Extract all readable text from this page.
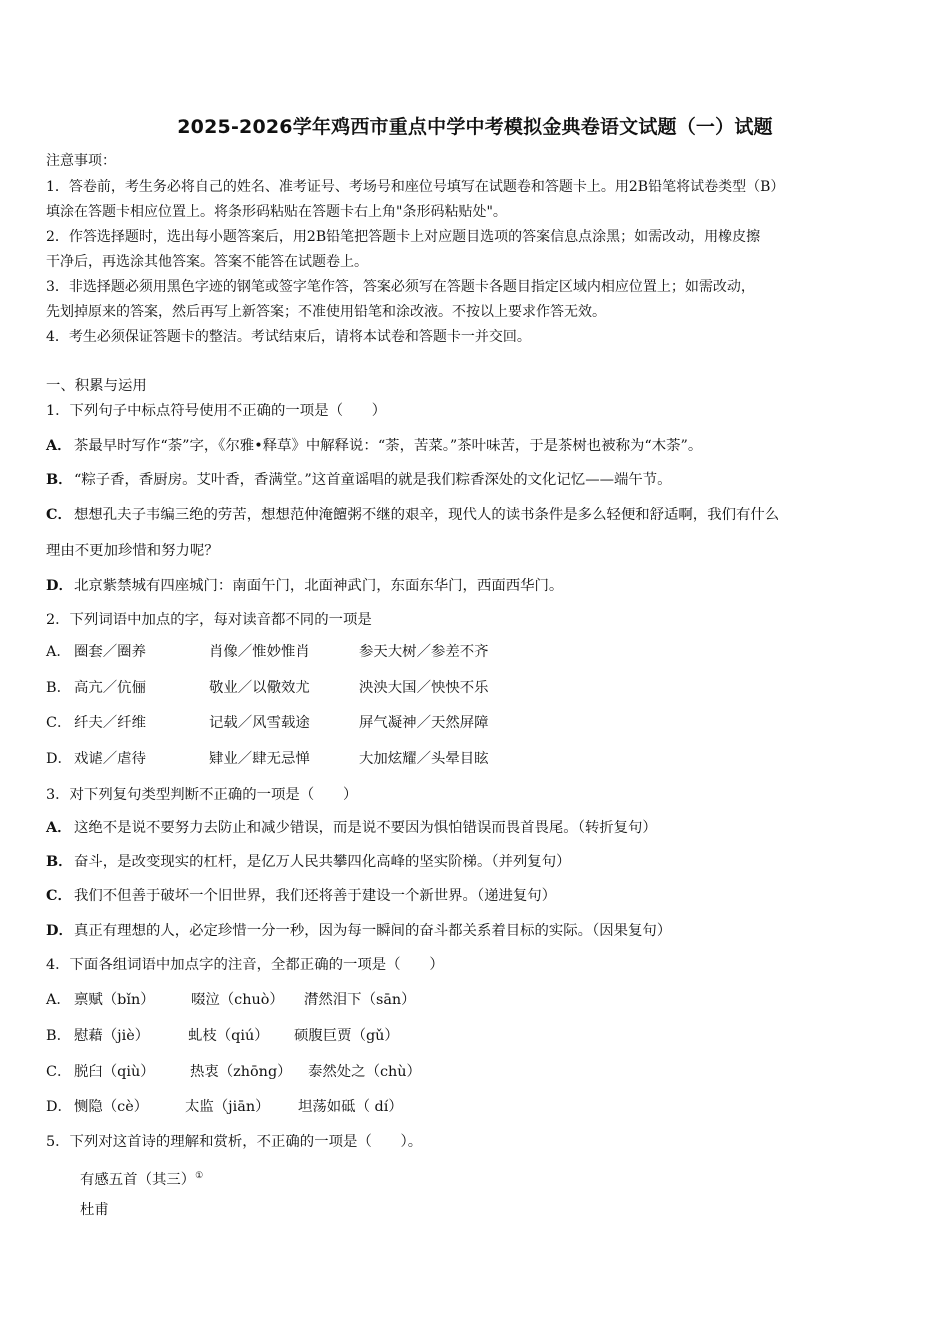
2025-2026学年鸡西市重点中学中考模拟金典卷语文试题（一）试题
注意事项：
1．答卷前，考生务必将自己的姓名、准考证号、考场号和座位号填写在试题卷和答题卡上。用2B铅笔将试卷类型（B）
填涂在答题卡相应位置上。将条形码粘贴在答题卡右上角"条形码粘贴处"。
2．作答选择题时，选出每小题答案后，用2B铅笔把答题卡上对应题目选项的答案信息点涂黑；如需改动，用橡皮擦
干净后，再选涂其他答案。答案不能答在试题卷上。
3．非选择题必须用黑色字迹的钢笔或签字笔作答，答案必须写在答题卡各题目指定区域内相应位置上；如需改动，
先划掉原来的答案，然后再写上新答案；不准使用铅笔和涂改液。不按以上要求作答无效。
4．考生必须保证答题卡的整洁。考试结束后，请将本试卷和答题卡一并交回。
一、积累与运用
1．下列句子中标点符号使用不正确的一项是（　　）
A． 茶最早时写作“荼”字，《尔雅•释草》中解释说：“荼，苦菜。”茶叶味苦，于是茶树也被称为“木荼”。
B．“粽子香，香厨房。艾叶香，香满堂。”这首童谣唱的就是我们粽香深处的文化记忆——端午节。
C． 想想孔夫子韦编三绝的劳苦，想想范仲淹饘粥不继的艰辛，现代人的读书条件是多么轻便和舒适啊，我们有什么
理由不更加珍惜和努力呢？
D．北京紫禁城有四座城门：南面午门，北面神武门，东面东华门，西面西华门。
2．下列词语中加点的字，每对读音都不同的一项是
A． 圈套／圈养	肖像／惟妙惟肖	参天大树／参差不齐
B． 高亢／伉俪	敬业／以儆效尤	泱泱大国／怏怏不乐
C． 纤夫／纤维	记载／风雪载途	屏气凝神／天然屏障
D． 戏谑／虐待	肄业／肆无忌惮	大加炫耀／头晕目眩
3．对下列复句类型判断不正确的一项是（　　）
A． 这绝不是说不要努力去防止和减少错误，而是说不要因为惧怕错误而畏首畏尾。（转折复句）
B．奋斗，是改变现实的杠杆，是亿万人民共攀四化高峰的坚实阶梯。（并列复句）
C． 我们不但善于破坏一个旧世界，我们还将善于建设一个新世界。（递进复句）
D．真正有理想的人，必定珍惜一分一秒，因为每一瞬间的奋斗都关系着目标的实际。（因果复句）
4．下面各组词语中加点字的注音，全都正确的一项是（　　）
A． 禀赋（bǐn）	啜泣（chuò） 潸然泪下（sān）
B． 慰藉（jiè）	虬枝（qiú） 硕腹巨贾（gǔ）
C． 脱臼（qiù） 热衷（zhōng） 泰然处之（chù）
D． 恻隐（cè）	太监（jiān） 坦荡如砥（ dí）
5．下列对这首诗的理解和赏析，不正确的一项是（　　）。
有感五首（其三）①
杜甫
